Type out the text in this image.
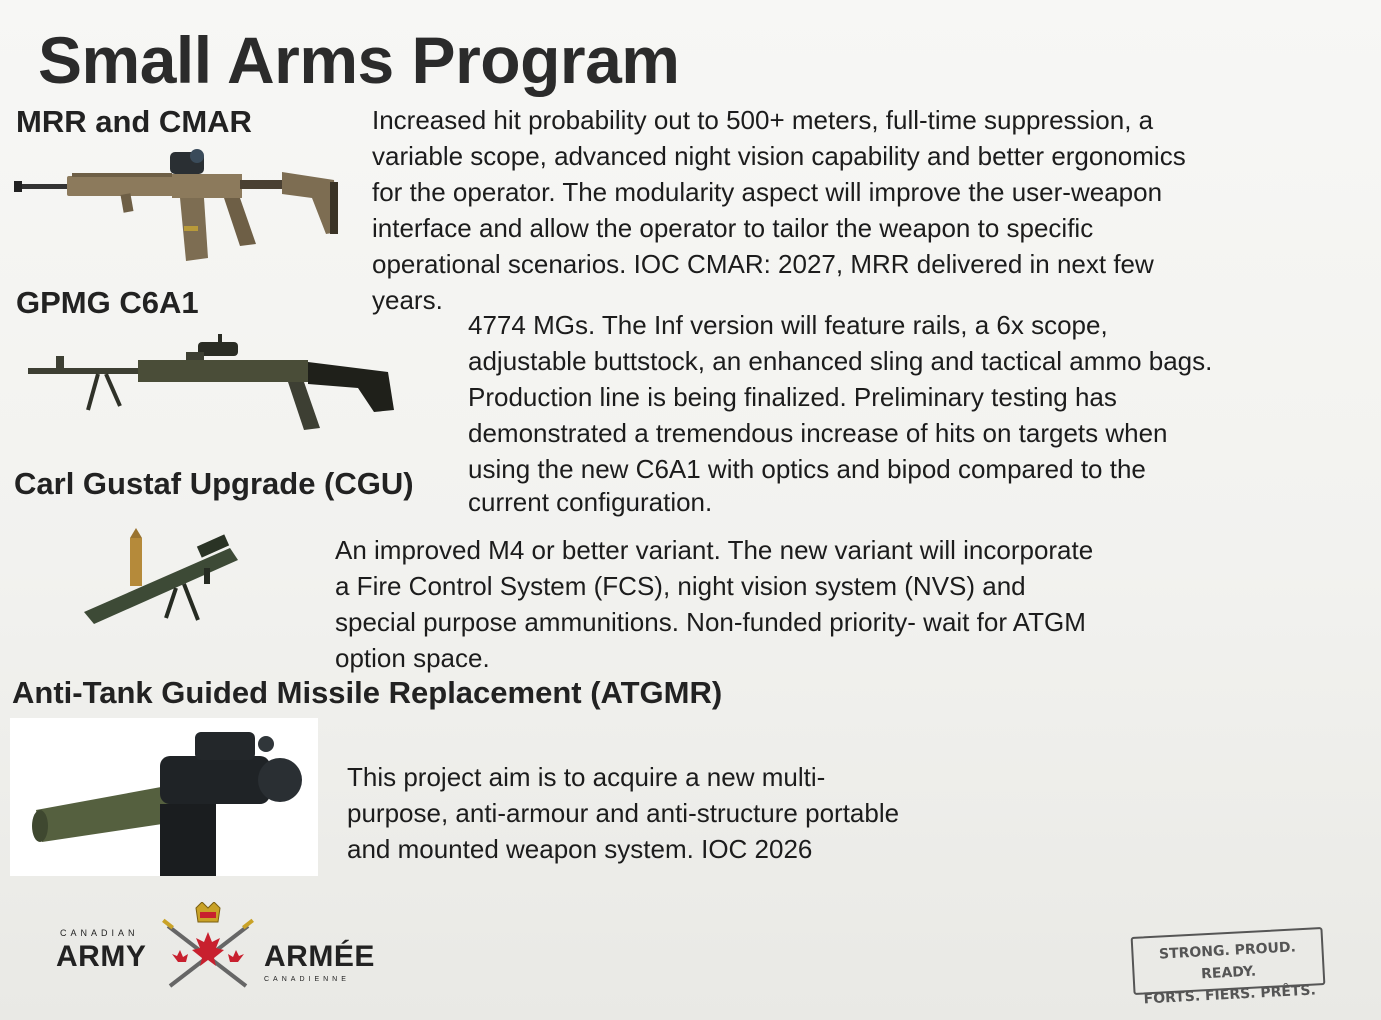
Small Arms Program
MRR and CMAR	Increased hit probability out to 500+ meters, full-time suppression, a
variable scope, advanced night vision capability and better ergonomics
for the operator. The modularity aspect will improve the user-weapon
interface and allow the operator to tailor the weapon to specific
operational scenarios. IOC CMAR: 2027, MRR delivered in next few
years.
GPMG C6A1
4774 MGs. The Inf version will feature rails, a 6x scope,
adjustable buttstock, an enhanced sling and tactical ammo bags.
Production line is being finalized. Preliminary testing has
demonstrated a tremendous increase of hits on targets when
using the new C6A1 with optics and bipod compared to the
current configuration.
Carl Gustaf Upgrade (CGU)
An improved M4 or better variant. The new variant will incorporate
a Fire Control System (FCS), night vision system (NVS) and
special purpose ammunitions. Non-funded priority- wait for ATGM
option space.
Anti-Tank Guided Missile Replacement (ATGMR)
This project aim is to acquire a new multi-
purpose, anti-armour and anti-structure portable
and mounted weapon system. IOC 2026
CANADIAN
ARMY	ARMÉE
CANADIENNE
STRONG. PROUD. READY.
FORTS. FIERS. PRÊTS.
